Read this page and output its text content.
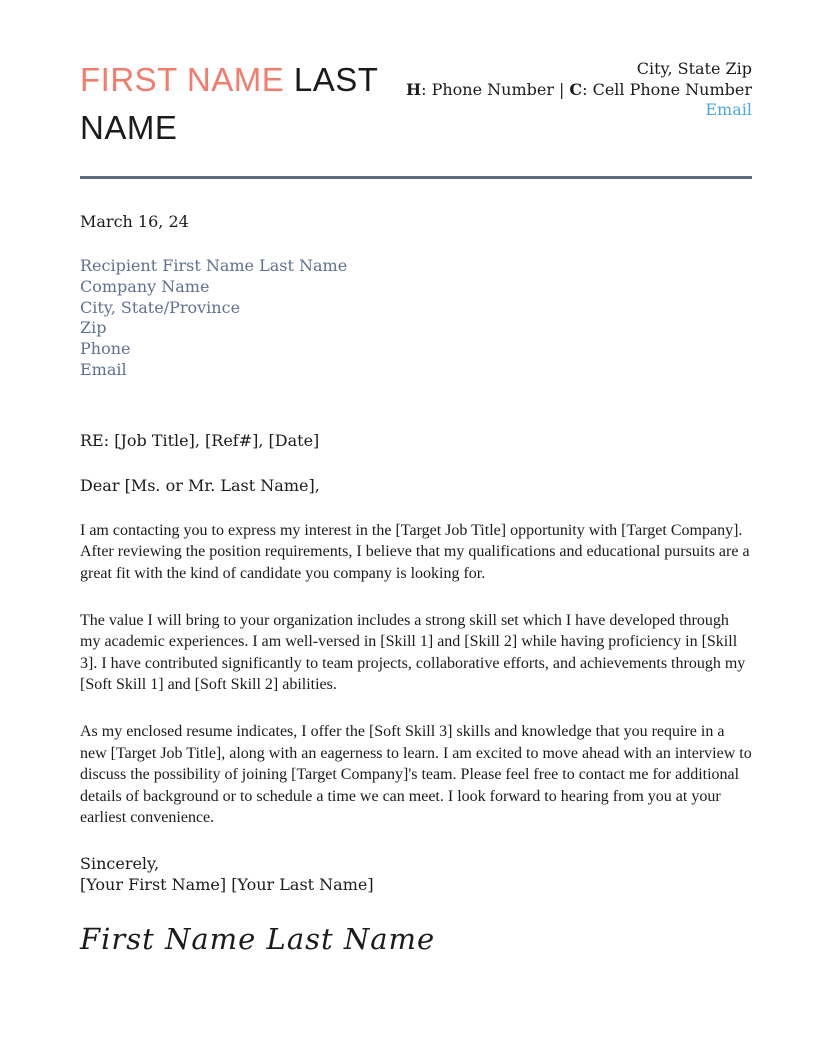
FIRST NAME LAST NAME
City, State Zip
H: Phone Number | C: Cell Phone Number
Email
March 16, 24
Recipient First Name Last Name
Company Name
City, State/Province
Zip
Phone
Email
RE: [Job Title], [Ref#], [Date]
Dear [Ms. or Mr. Last Name],

I am contacting you to express my interest in the [Target Job Title] opportunity with [Target Company]. After reviewing the position requirements, I believe that my qualifications and educational pursuits are a great fit with the kind of candidate you company is looking for.

The value I will bring to your organization includes a strong skill set which I have developed through my academic experiences. I am well-versed in [Skill 1] and [Skill 2] while having proficiency in [Skill 3]. I have contributed significantly to team projects, collaborative efforts, and achievements through my [Soft Skill 1] and [Soft Skill 2] abilities.

As my enclosed resume indicates, I offer the [Soft Skill 3] skills and knowledge that you require in a new [Target Job Title], along with an eagerness to learn. I am excited to move ahead with an interview to discuss the possibility of joining [Target Company]'s team. Please feel free to contact me for additional details of background or to schedule a time we can meet. I look forward to hearing from you at your earliest convenience.

Sincerely,
[Your First Name] [Your Last Name]
First Name Last Name
